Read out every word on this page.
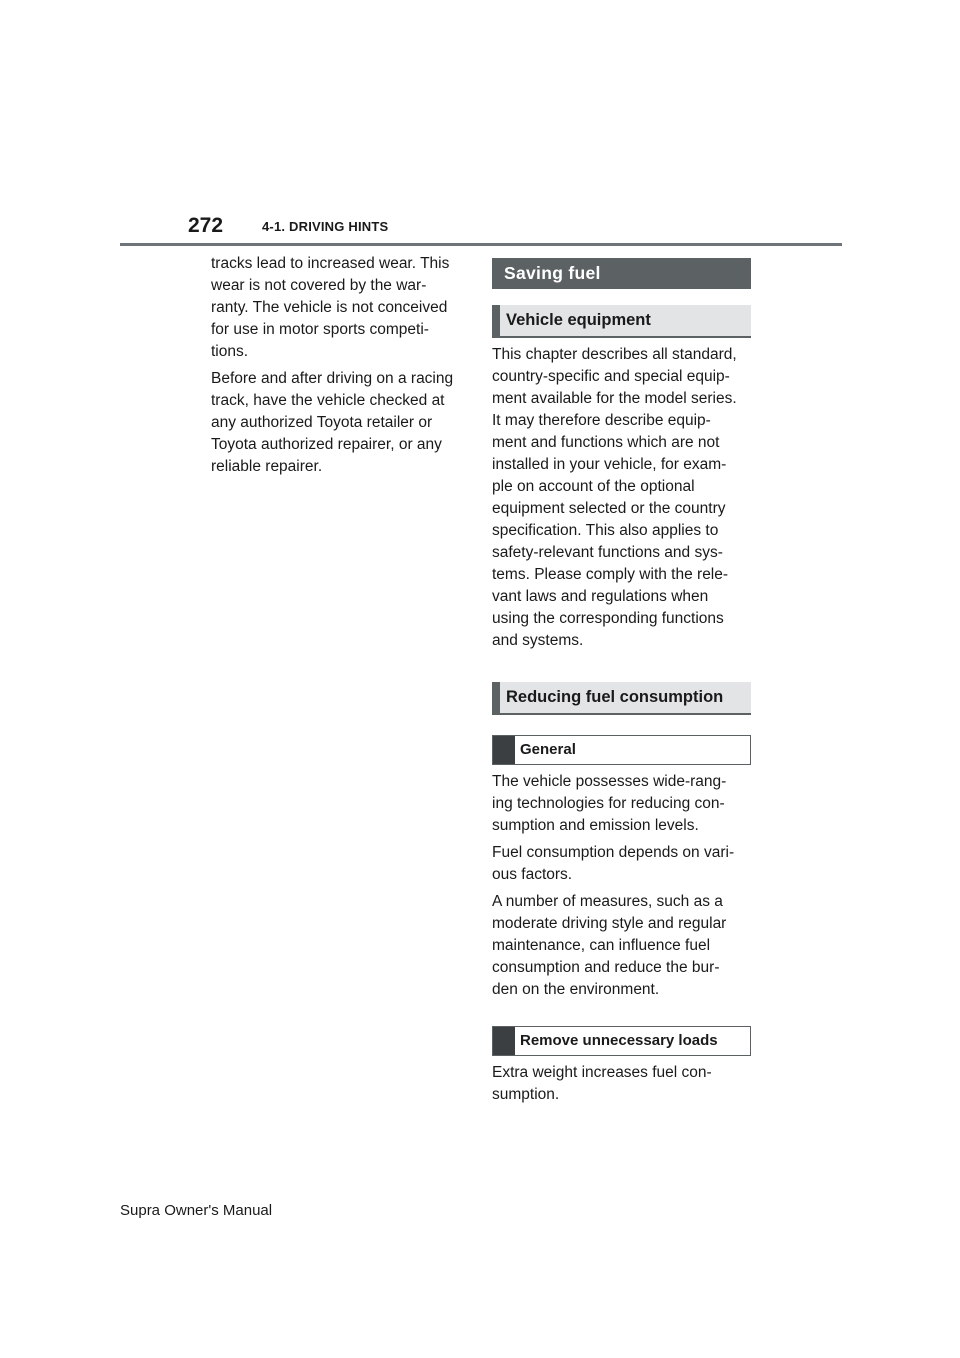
272	4-1. DRIVING HINTS

tracks lead to increased wear. This
wear is not covered by the war-
ranty. The vehicle is not conceived
for use in motor sports competi-
tions.

Before and after driving on a racing
track, have the vehicle checked at
any authorized Toyota retailer or
Toyota authorized repairer, or any
reliable repairer.

Saving fuel
Vehicle equipment

This chapter describes all standard,
country-specific and special equip-
ment available for the model series.
It may therefore describe equip-
ment and functions which are not
installed in your vehicle, for exam-
ple on account of the optional
equipment selected or the country
specification. This also applies to
safety-relevant functions and sys-
tems. Please comply with the rele-
vant laws and regulations when
using the corresponding functions
and systems.

Reducing fuel consumption
General

The vehicle possesses wide-rang-
ing technologies for reducing con-
sumption and emission levels.

Fuel consumption depends on vari-
ous factors.

A number of measures, such as a
moderate driving style and regular
maintenance, can influence fuel
consumption and reduce the bur-
den on the environment.

Remove unnecessary loads

Extra weight increases fuel con-
sumption.

Supra Owner's Manual
